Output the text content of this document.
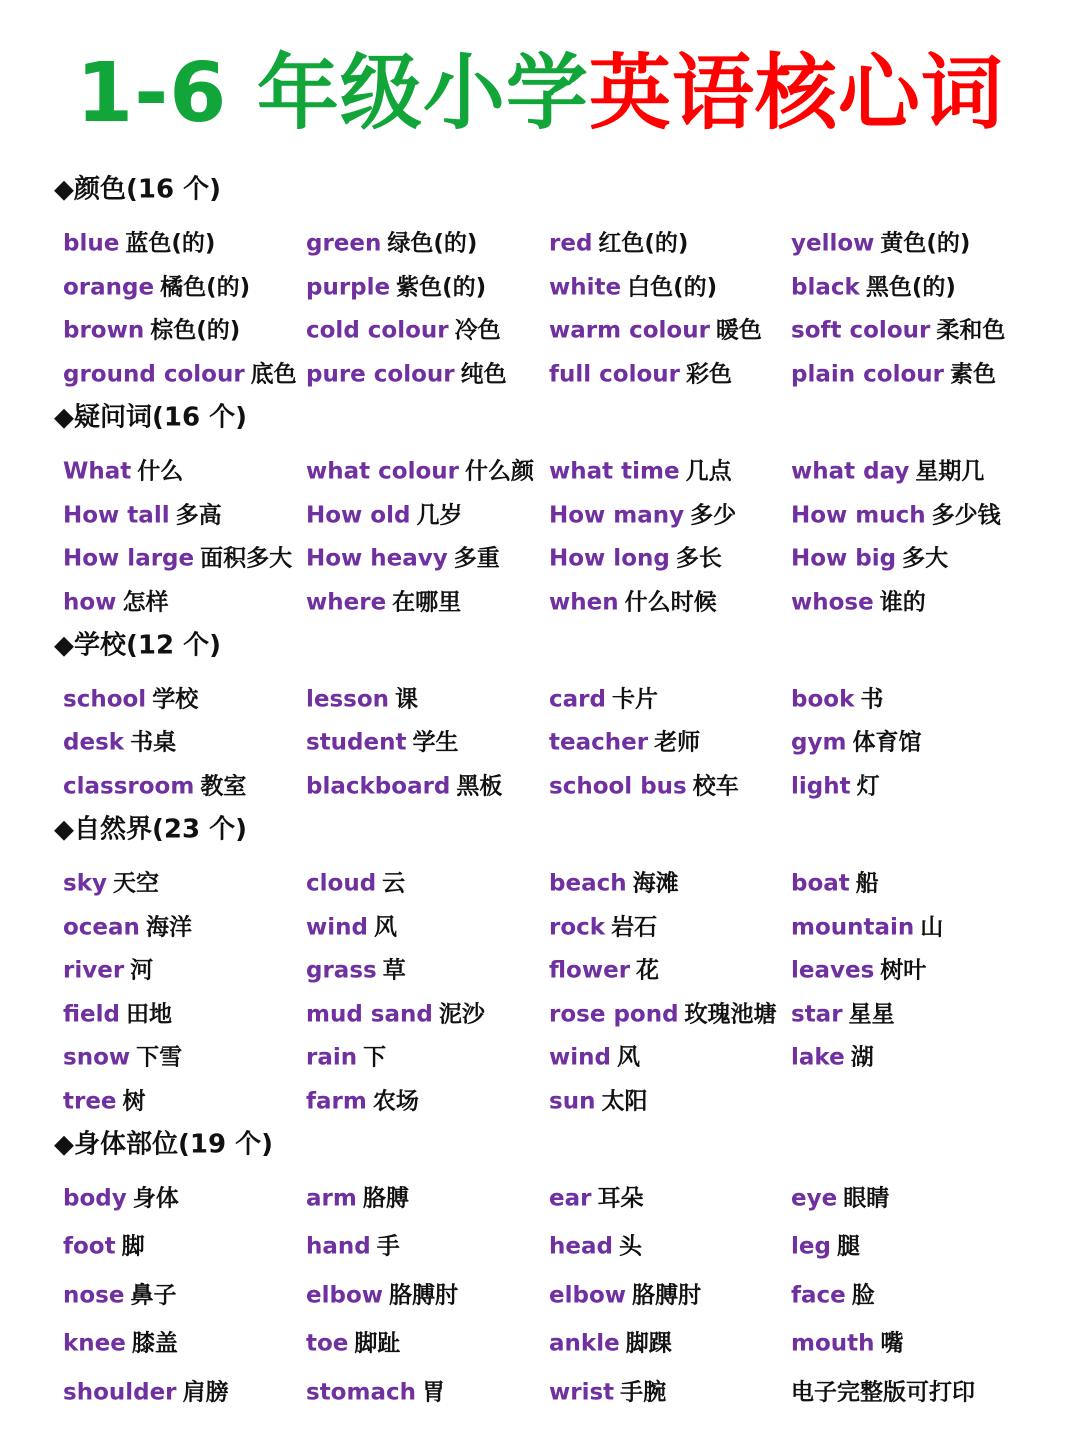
1-6 年级小学英语核心词
◆颜色(16 个)
blue 蓝色(的)	green 绿色(的)	red 红色(的)	yellow 黄色(的)
orange 橘色(的) purple 紫色(的)	white 白色(的)	black 黑色(的)
brown 棕色(的)	cold colour 冷色 warm colour 暖色 soft colour 柔和色
ground colour 底色 pure colour 纯色 full colour 彩色	plain colour 素色
◆疑问词(16 个)
What 什么	what colour 什么颜 what time 几点	what day 星期几
How tall 多高	How old 几岁	How many 多少 How much 多少钱
How large 面积多大 How heavy 多重 How long 多长	How big 多大
how 怎样	where 在哪里	when 什么时候	whose 谁的
◆学校(12 个)
school 学校	lesson 课	card 卡片	book 书
desk 书桌	student 学生	teacher 老师	gym 体育馆
classroom 教室	blackboard 黑板 school bus 校车 light 灯
◆自然界(23 个)
sky 天空	cloud 云	beach 海滩	boat 船
ocean 海洋	wind 风	rock 岩石	mountain 山
river 河	grass 草	flower 花	leaves 树叶
field 田地	mud sand 泥沙	rose pond 玫瑰池塘 star 星星
snow 下雪	rain 下	wind 风	lake 湖
tree 树	farm 农场	sun 太阳
◆身体部位(19 个)
body 身体	arm 胳膊	ear 耳朵	eye 眼睛
foot 脚	hand 手	head 头	leg 腿
nose 鼻子	elbow 胳膊肘	elbow 胳膊肘	face 脸
knee 膝盖	toe 脚趾	ankle 脚踝	mouth 嘴
shoulder 肩膀	stomach 胃	wrist 手腕	电子完整版可打印
